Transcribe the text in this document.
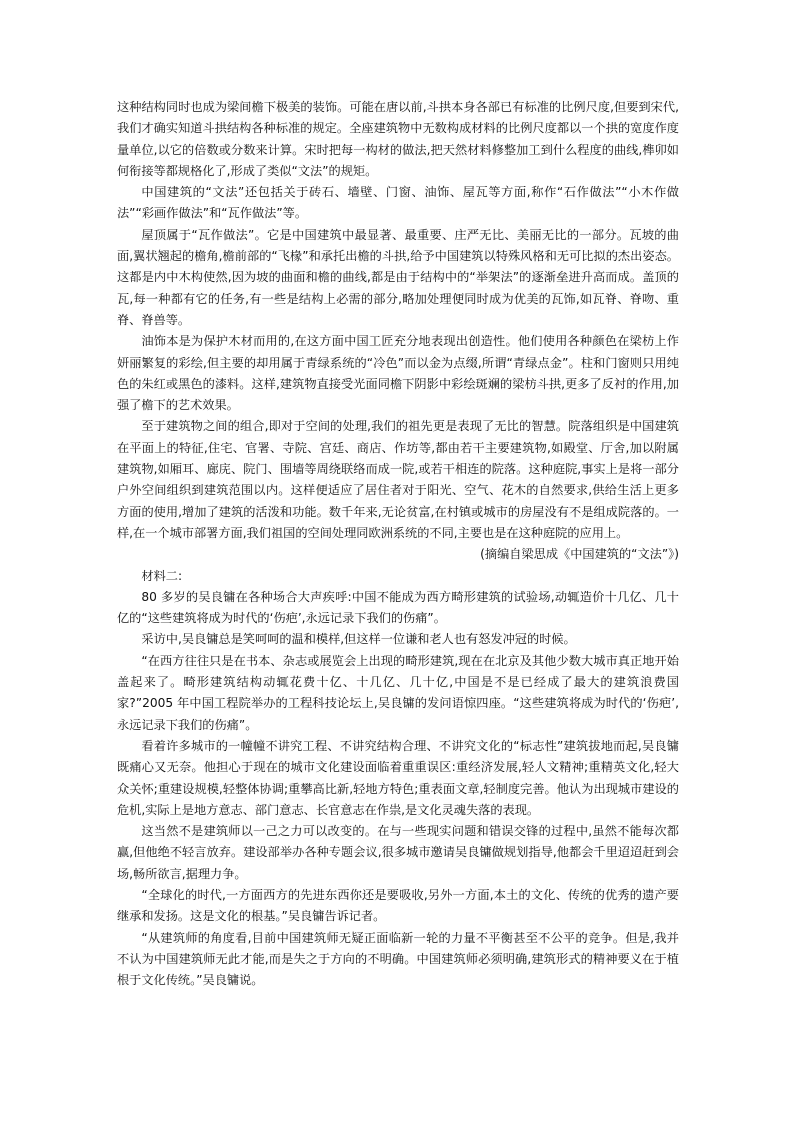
这种结构同时也成为梁间檐下极美的装饰。可能在唐以前,斗拱本身各部已有标准的比例尺度,但要到宋代,我们才确实知道斗拱结构各种标准的规定。全座建筑物中无数构成材料的比例尺度都以一个拱的宽度作度量单位,以它的倍数或分数来计算。宋时把每一构材的做法,把天然材料修整加工到什么程度的曲线,榫卯如何衔接等都规格化了,形成了类似“文法”的规矩。

中国建筑的“文法”还包括关于砖石、墙壁、门窗、油饰、屋瓦等方面,称作“石作做法”“小木作做法”“彩画作做法”和“瓦作做法”等。

屋顶属于“瓦作做法”。它是中国建筑中最显著、最重要、庄严无比、美丽无比的一部分。瓦坡的曲面,翼状翘起的檐角,檐前部的“飞椽”和承托出檐的斗拱,给予中国建筑以特殊风格和无可比拟的杰出姿态。这都是内中木构使然,因为坡的曲面和檐的曲线,都是由于结构中的“举架法”的逐渐垒进升高而成。盖顶的瓦,每一种都有它的任务,有一些是结构上必需的部分,略加处理便同时成为优美的瓦饰,如瓦脊、脊吻、重脊、脊兽等。

油饰本是为保护木材而用的,在这方面中国工匠充分地表现出创造性。他们使用各种颜色在梁枋上作妍丽繁复的彩绘,但主要的却用属于青绿系统的“冷色”而以金为点缀,所谓“青绿点金”。柱和门窗则只用纯色的朱红或黑色的漆料。这样,建筑物直接受光面同檐下阴影中彩绘斑斓的梁枋斗拱,更多了反衬的作用,加强了檐下的艺术效果。

至于建筑物之间的组合,即对于空间的处理,我们的祖先更是表现了无比的智慧。院落组织是中国建筑在平面上的特征,住宅、官署、寺院、宫廷、商店、作坊等,都由若干主要建筑物,如殿堂、厅舍,加以附属建筑物,如厢耳、廊庑、院门、围墙等周绕联络而成一院,或若干相连的院落。这种庭院,事实上是将一部分户外空间组织到建筑范围以内。这样便适应了居住者对于阳光、空气、花木的自然要求,供给生活上更多方面的使用,增加了建筑的活泼和功能。数千年来,无论贫富,在村镇或城市的房屋没有不是组成院落的。一样,在一个城市部署方面,我们祖国的空间处理同欧洲系统的不同,主要也是在这种庭院的应用上。

(摘编自梁思成《中国建筑的“文法”》)

材料二:

80 多岁的吴良镛在各种场合大声疾呼:中国不能成为西方畸形建筑的试验场,动辄造价十几亿、几十亿的“这些建筑将成为时代的‘伤疤’,永远记录下我们的伤痛”。

采访中,吴良镛总是笑呵呵的温和模样,但这样一位谦和老人也有怒发冲冠的时候。

“在西方往往只是在书本、杂志或展览会上出现的畸形建筑,现在在北京及其他少数大城市真正地开始盖起来了。畸形建筑结构动辄花费十亿、十几亿、几十亿,中国是不是已经成了最大的建筑浪费国家?”2005 年中国工程院举办的工程科技论坛上,吴良镛的发问语惊四座。“这些建筑将成为时代的‘伤疤’,永远记录下我们的伤痛”。

看着许多城市的一幢幢不讲究工程、不讲究结构合理、不讲究文化的“标志性”建筑拔地而起,吴良镛既痛心又无奈。他担心于现在的城市文化建设面临着重重误区:重经济发展,轻人文精神;重精英文化,轻大众关怀;重建设规模,轻整体协调;重攀高比新,轻地方特色;重表面文章,轻制度完善。他认为出现城市建设的危机,实际上是地方意志、部门意志、长官意志在作祟,是文化灵魂失落的表现。

这当然不是建筑师以一己之力可以改变的。在与一些现实问题和错误交锋的过程中,虽然不能每次都赢,但他绝不轻言放弃。建设部举办各种专题会议,很多城市邀请吴良镛做规划指导,他都会千里迢迢赶到会场,畅所欲言,据理力争。

“全球化的时代,一方面西方的先进东西你还是要吸收,另外一方面,本土的文化、传统的优秀的遗产要继承和发扬。这是文化的根基。”吴良镛告诉记者。

“从建筑师的角度看,目前中国建筑师无疑正面临新一轮的力量不平衡甚至不公平的竞争。但是,我并不认为中国建筑师无此才能,而是失之于方向的不明确。中国建筑师必须明确,建筑形式的精神要义在于植根于文化传统。”吴良镛说。
